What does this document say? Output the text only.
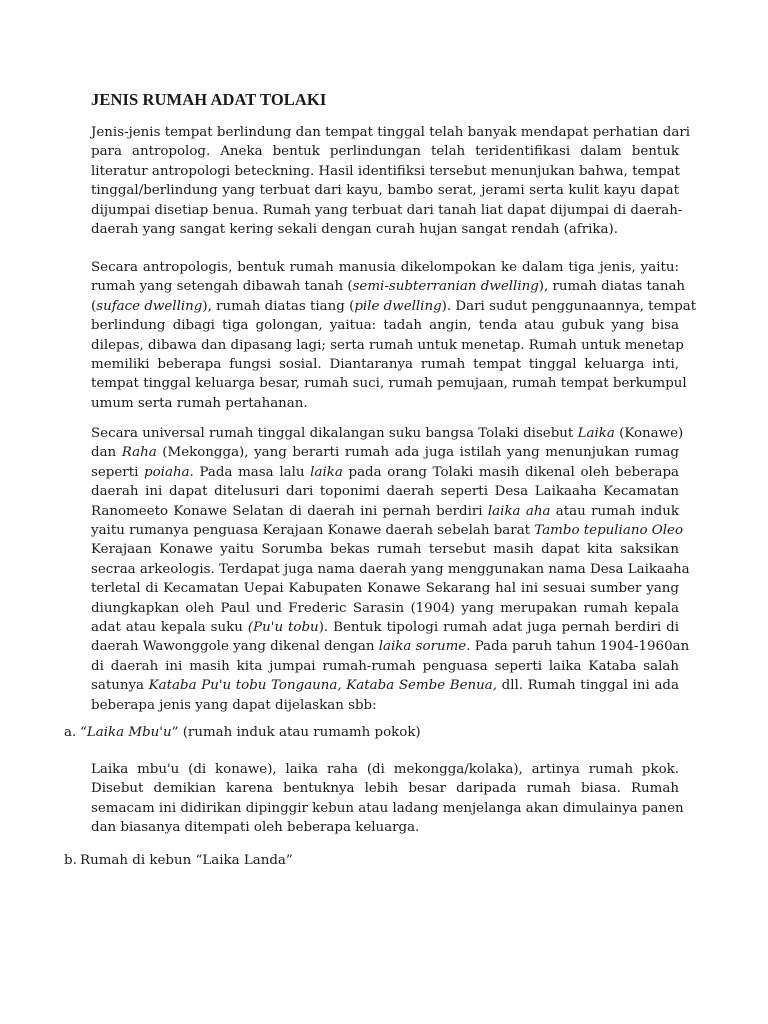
JENIS RUMAH ADAT TOLAKI
Jenis-jenis tempat berlindung dan tempat tinggal telah banyak mendapat perhatian dari
para antropolog. Aneka bentuk perlindungan telah teridentifikasi dalam bentuk
literatur antropologi beteckning. Hasil identifiksi tersebut menunjukan bahwa, tempat
tinggal/berlindung yang terbuat dari kayu, bambo serat, jerami serta kulit kayu dapat
dijumpai disetiap benua. Rumah yang terbuat dari tanah liat dapat dijumpai di daerah-
daerah yang sangat kering sekali dengan curah hujan sangat rendah (afrika).
Secara antropologis, bentuk rumah manusia dikelompokan ke dalam tiga jenis, yaitu:
rumah yang setengah dibawah tanah (semi-subterranian dwelling), rumah diatas tanah
(suface dwelling), rumah diatas tiang (pile dwelling). Dari sudut penggunaannya, tempat
berlindung dibagi tiga golongan, yaitua: tadah angin, tenda atau gubuk yang bisa
dilepas, dibawa dan dipasang lagi; serta rumah untuk menetap. Rumah untuk menetap
memiliki beberapa fungsi sosial. Diantaranya rumah tempat tinggal keluarga inti,
tempat tinggal keluarga besar, rumah suci, rumah pemujaan, rumah tempat berkumpul
umum serta rumah pertahanan.
Secara universal rumah tinggal dikalangan suku bangsa Tolaki disebut Laika (Konawe)
dan Raha (Mekongga), yang berarti rumah ada juga istilah yang menunjukan rumag
seperti poiaha. Pada masa lalu laika pada orang Tolaki masih dikenal oleh beberapa
daerah ini dapat ditelusuri dari toponimi daerah seperti Desa Laikaaha Kecamatan
Ranomeeto Konawe Selatan di daerah ini pernah berdiri laika aha atau rumah induk
yaitu rumanya penguasa Kerajaan Konawe daerah sebelah barat Tambo tepuliano Oleo
Kerajaan Konawe yaitu Sorumba bekas rumah tersebut masih dapat kita saksikan
secraa arkeologis. Terdapat juga nama daerah yang menggunakan nama Desa Laikaaha
terletal di Kecamatan Uepai Kabupaten Konawe Sekarang hal ini sesuai sumber yang
diungkapkan oleh Paul und Frederic Sarasin (1904) yang merupakan rumah kepala
adat atau kepala suku (Pu'u tobu). Bentuk tipologi rumah adat juga pernah berdiri di
daerah Wawonggole yang dikenal dengan laika sorume. Pada paruh tahun 1904-1960an
di daerah ini masih kita jumpai rumah-rumah penguasa seperti laika Kataba salah
satunya Kataba Pu'u tobu Tongauna, Kataba Sembe Benua, dll. Rumah tinggal ini ada
beberapa jenis yang dapat dijelaskan sbb:
a. “Laika Mbu'u” (rumah induk atau rumamh pokok)
Laika mbu'u (di konawe), laika raha (di mekongga/kolaka), artinya rumah pkok.
Disebut demikian karena bentuknya lebih besar daripada rumah biasa. Rumah
semacam ini didirikan dipinggir kebun atau ladang menjelanga akan dimulainya panen
dan biasanya ditempati oleh beberapa keluarga.
b. Rumah di kebun “Laika Landa”
